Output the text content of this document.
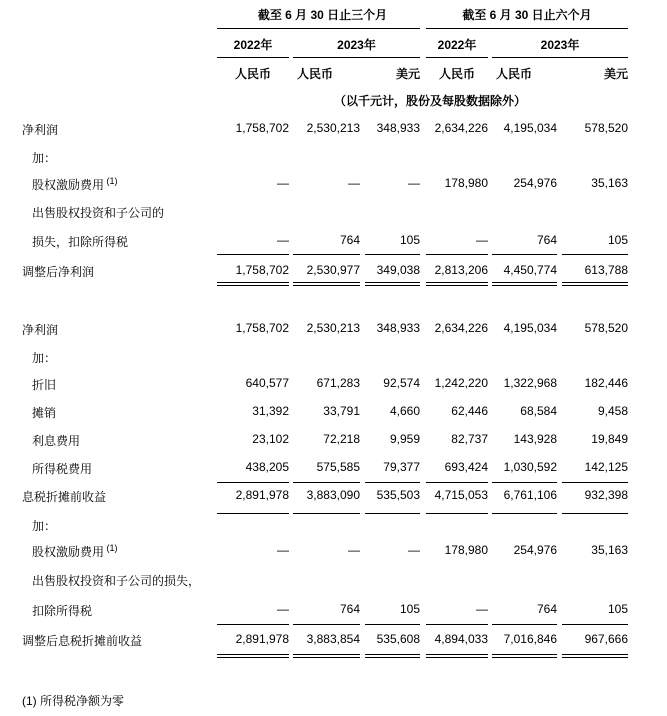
截至 6 月 30 日止三个月	截至 6 月 30 日止六个月
2022年	2023年	2022年	2023年
人民币	人民币	美元	人民币	人民币	美元
（以千元计，股份及每股数据除外）
净利润	1,758,702	2,530,213	348,933	2,634,226	4,195,034	578,520
加：
股权激励费用 $^{(1)}$	—	—	—	178,980	254,976	35,163
出售股权投资和子公司的
损失，扣除所得税	—	764	105	—	764	105
调整后净利润	1,758,702	2,530,977	349,038	2,813,206	4,450,774	613,788
净利润	1,758,702	2,530,213	348,933	2,634,226	4,195,034	578,520
加：
折旧	640,577	671,283	92,574	1,242,220	1,322,968	182,446
摊销	31,392	33,791	4,660	62,446	68,584	9,458
利息费用	23,102	72,218	9,959	82,737	143,928	19,849
所得税费用	438,205	575,585	79,377	693,424	1,030,592	142,125
息税折摊前收益	2,891,978	3,883,090	535,503	4,715,053	6,761,106	932,398
加：
股权激励费用 $^{(1)}$	—	—	—	178,980	254,976	35,163
出售股权投资和子公司的损失，
扣除所得税	—	764	105	—	764	105
调整后息税折摊前收益	2,891,978	3,883,854	535,608	4,894,033	7,016,846	967,666
(1) 所得税净额为零
